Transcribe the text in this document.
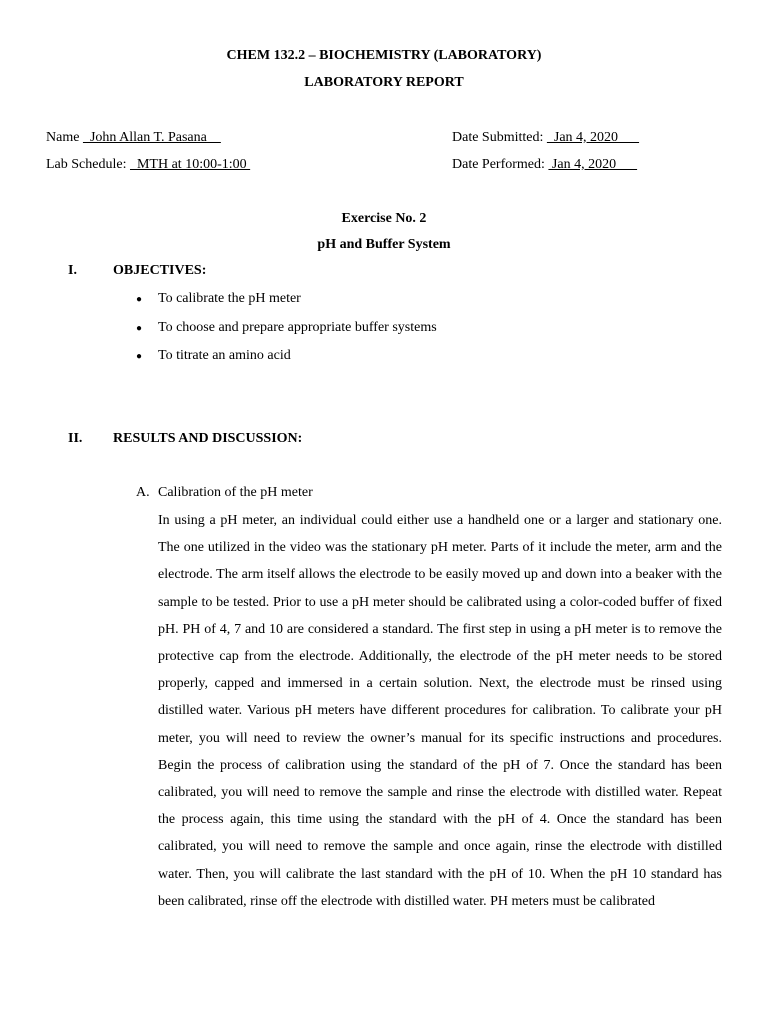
CHEM 132.2 – BIOCHEMISTRY (LABORATORY)
LABORATORY REPORT
Name   John Allan T. Pasana
Lab Schedule:   MTH at 10:00-1:00
Date Submitted:   Jan 4, 2020
Date Performed:  Jan 4, 2020
Exercise No. 2
pH and Buffer System
I.	OBJECTIVES:
● To calibrate the pH meter
● To choose and prepare appropriate buffer systems
● To titrate an amino acid
II. RESULTS AND DISCUSSION:
A. Calibration of the pH meter
In using a pH meter, an individual could either use a handheld one or a larger and stationary one. The one utilized in the video was the stationary pH meter. Parts of it include the meter, arm and the electrode. The arm itself allows the electrode to be easily moved up and down into a beaker with the sample to be tested. Prior to use a pH meter should be calibrated using a color-coded buffer of fixed pH. PH of 4, 7 and 10 are considered a standard. The first step in using a pH meter is to remove the protective cap from the electrode. Additionally, the electrode of the pH meter needs to be stored properly, capped and immersed in a certain solution. Next, the electrode must be rinsed using distilled water. Various pH meters have different procedures for calibration. To calibrate your pH meter, you will need to review the owner’s manual for its specific instructions and procedures. Begin the process of calibration using the standard of the pH of 7. Once the standard has been calibrated, you will need to remove the sample and rinse the electrode with distilled water. Repeat the process again, this time using the standard with the pH of 4. Once the standard has been calibrated, you will need to remove the sample and once again, rinse the electrode with distilled water. Then, you will calibrate the last standard with the pH of 10. When the pH 10 standard has been calibrated, rinse off the electrode with distilled water. PH meters must be calibrated
